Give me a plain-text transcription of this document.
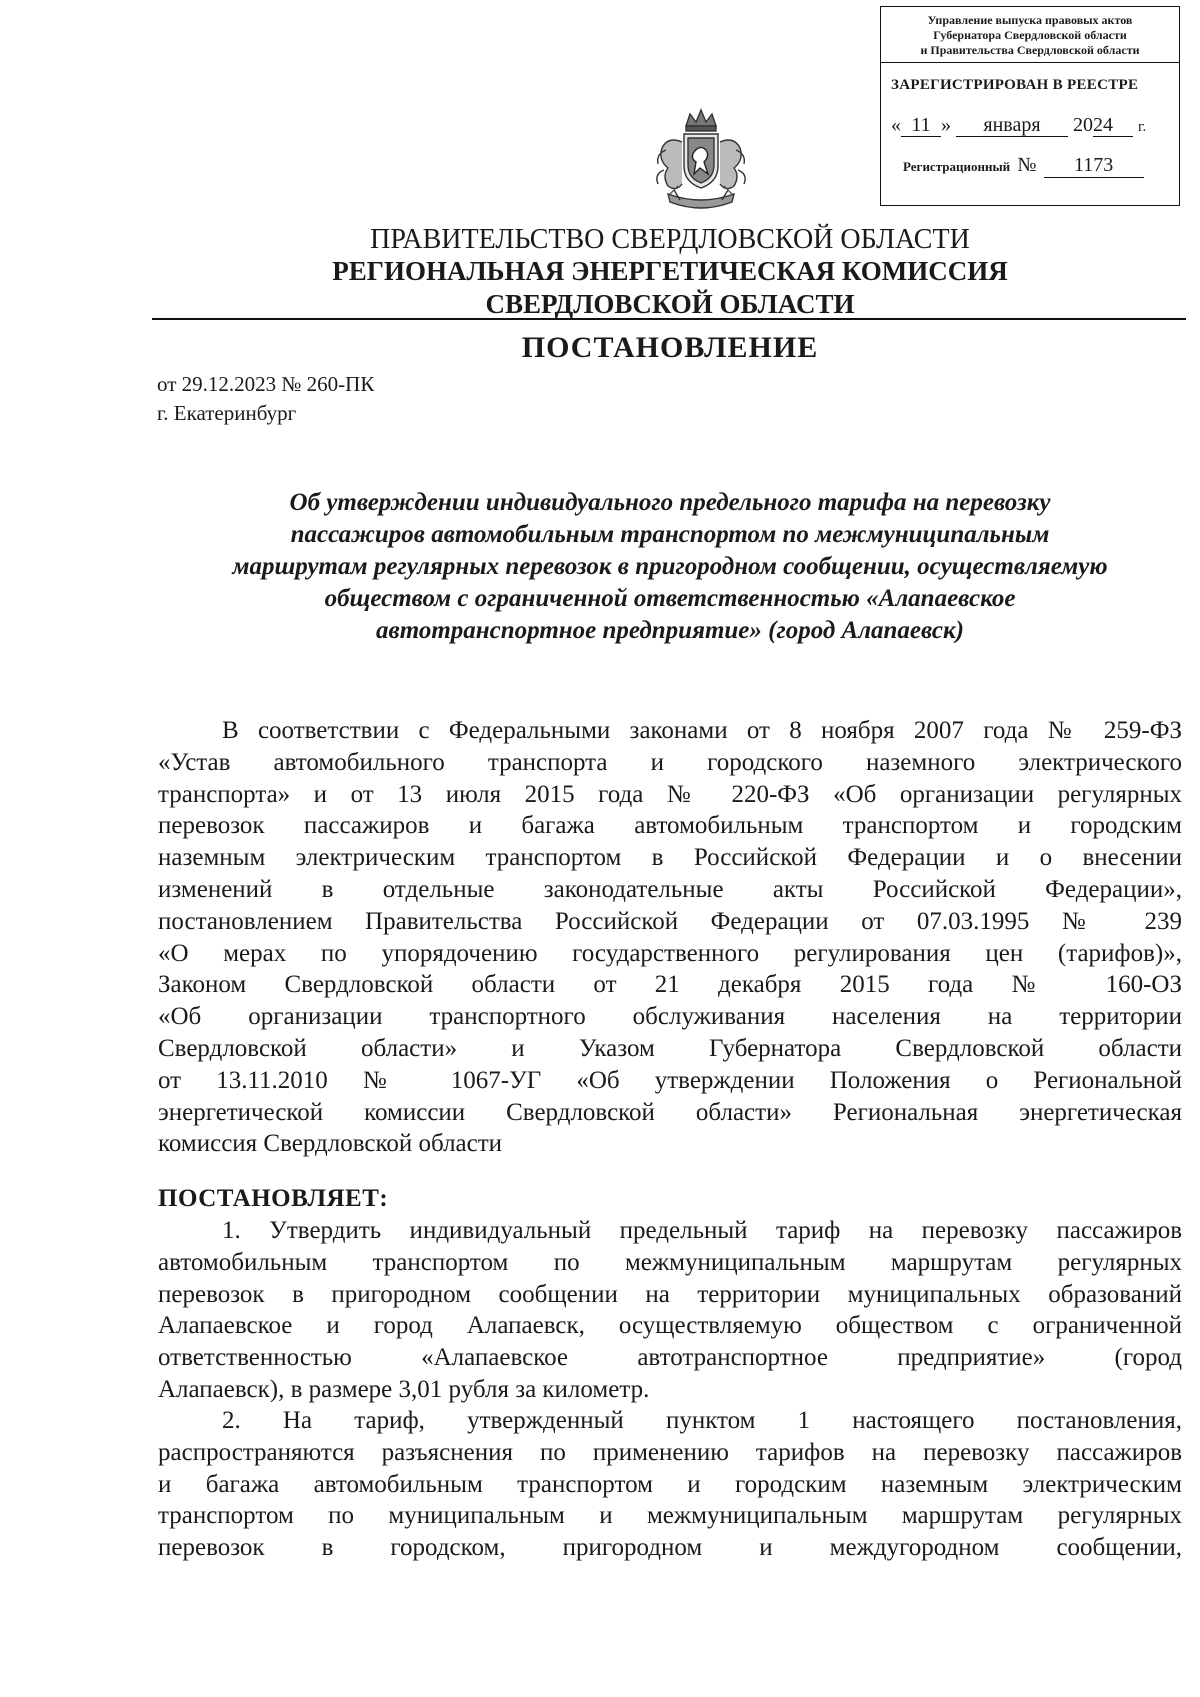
Управление выпуска правовых актов
Губернатора Свердловской области
и Правительства Свердловской области
ЗАРЕГИСТРИРОВАН В РЕЕСТРЕ
« 11 » января 2024 г.
Регистрационный № 1173
ПРАВИТЕЛЬСТВО СВЕРДЛОВСКОЙ ОБЛАСТИ
РЕГИОНАЛЬНАЯ ЭНЕРГЕТИЧЕСКАЯ КОМИССИЯ
СВЕРДЛОВСКОЙ ОБЛАСТИ
ПОСТАНОВЛЕНИЕ
от 29.12.2023 № 260-ПК
г. Екатеринбург
Об утверждении индивидуального предельного тарифа на перевозку
пассажиров автомобильным транспортом по межмуниципальным
маршрутам регулярных перевозок в пригородном сообщении, осуществляемую
обществом с ограниченной ответственностью «Алапаевское
автотранспортное предприятие» (город Алапаевск)
В соответствии с Федеральными законами от 8 ноября 2007 года № 259-ФЗ
«Устав автомобильного транспорта и городского наземного электрического
транспорта» и от 13 июля 2015 года № 220-ФЗ «Об организации регулярных
перевозок пассажиров и багажа автомобильным транспортом и городским
наземным электрическим транспортом в Российской Федерации и о внесении
изменений в отдельные законодательные акты Российской Федерации»,
постановлением Правительства Российской Федерации от 07.03.1995 № 239
«О мерах по упорядочению государственного регулирования цен (тарифов)»,
Законом Свердловской области от 21 декабря 2015 года № 160-ОЗ
«Об организации транспортного обслуживания населения на территории
Свердловской области» и Указом Губернатора Свердловской области
от 13.11.2010 № 1067-УГ «Об утверждении Положения о Региональной
энергетической комиссии Свердловской области» Региональная энергетическая
комиссия Свердловской области
ПОСТАНОВЛЯЕТ:
1. Утвердить индивидуальный предельный тариф на перевозку пассажиров
автомобильным транспортом по межмуниципальным маршрутам регулярных
перевозок в пригородном сообщении на территории муниципальных образований
Алапаевское и город Алапаевск, осуществляемую обществом с ограниченной
ответственностью «Алапаевское автотранспортное предприятие» (город
Алапаевск), в размере 3,01 рубля за километр.
2. На тариф, утвержденный пунктом 1 настоящего постановления,
распространяются разъяснения по применению тарифов на перевозку пассажиров
и багажа автомобильным транспортом и городским наземным электрическим
транспортом по муниципальным и межмуниципальным маршрутам регулярных
перевозок в городском, пригородном и междугородном сообщении,
